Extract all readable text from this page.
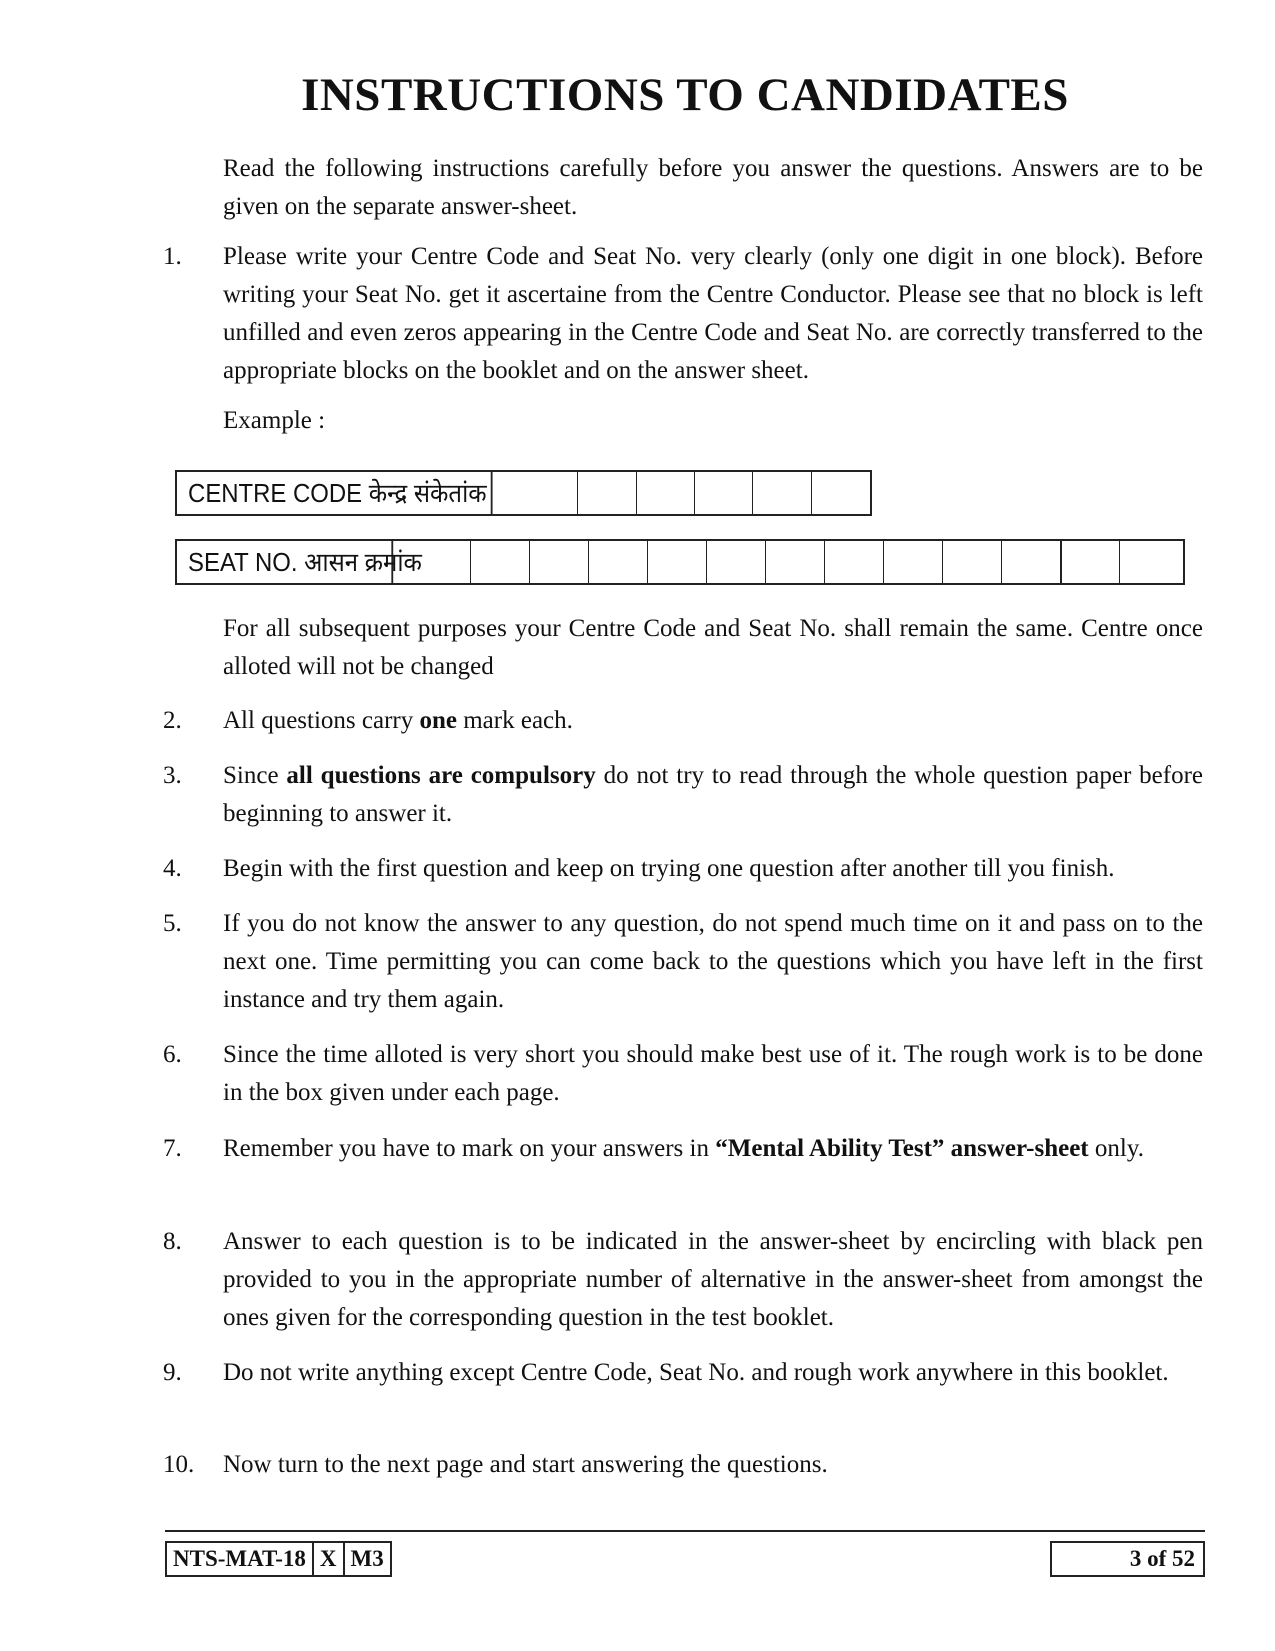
INSTRUCTIONS TO CANDIDATES
Read the following instructions carefully before you answer the questions. Answers are to be given on the separate answer-sheet.
1. Please write your Centre Code and Seat No. very clearly (only one digit in one block). Before writing your Seat No. get it ascertaine from the Centre Conductor. Please see that no block is left unfilled and even zeros appearing in the Centre Code and Seat No. are correctly transferred to the appropriate blocks on the booklet and on the answer sheet.
Example :
CENTRE CODE केन्द्र संकेतांक
SEAT NO. आसन क्रमांक
For all subsequent purposes your Centre Code and Seat No. shall remain the same. Centre once alloted will not be changed
2. All questions carry one mark each.
3. Since all questions are compulsory do not try to read through the whole question paper before beginning to answer it.
4. Begin with the first question and keep on trying one question after another till you finish.
5. If you do not know the answer to any question, do not spend much time on it and pass on to the next one. Time permitting you can come back to the questions which you have left in the first instance and try them again.
6. Since the time alloted is very short you should make best use of it. The rough work is to be done in the box given under each page.
7. Remember you have to mark on your answers in “Mental Ability Test” answer-sheet only.
8. Answer to each question is to be indicated in the answer-sheet by encircling with black pen provided to you in the appropriate number of alternative in the answer-sheet from amongst the ones given for the corresponding question in the test booklet.
9. Do not write anything except Centre Code, Seat No. and rough work anywhere in this booklet.
10. Now turn to the next page and start answering the questions.
NTS-MAT-18 X M3	3 of 52
